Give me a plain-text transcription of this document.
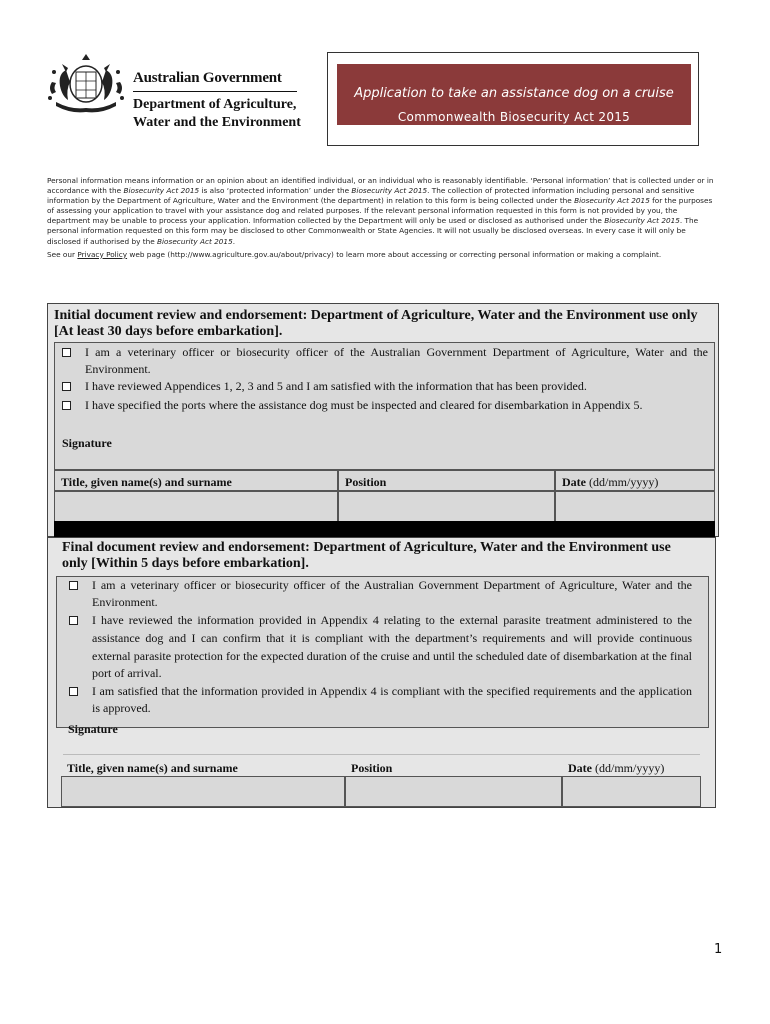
Australian Government
Department of Agriculture,
Water and the Environment
Application to take an assistance dog on a cruise
Commonwealth Biosecurity Act 2015

Personal information means information or an opinion about an identified individual, or an individual who is reasonably identifiable. ‘Personal information’ that is collected under or in accordance with the Biosecurity Act 2015 is also ‘protected information’ under the Biosecurity Act 2015. The collection of protected information including personal and sensitive information by the Department of Agriculture, Water and the Environment (the department) in relation to this form is being collected under the Biosecurity Act 2015 for the purposes of assessing your application to travel with your assistance dog and related purposes. If the relevant personal information requested in this form is not provided by you, the department may be unable to process your application. Information collected by the Department will only be used or disclosed as authorised under the Biosecurity Act 2015. The personal information requested on this form may be disclosed to other Commonwealth or State Agencies. It will not usually be disclosed overseas. In every case it will only be disclosed if authorised by the Biosecurity Act 2015.

See our Privacy Policy web page (http://www.agriculture.gov.au/about/privacy) to learn more about accessing or correcting personal information or making a complaint.

Initial document review and endorsement: Department of Agriculture, Water and the Environment use only [At least 30 days before embarkation].
I am a veterinary officer or biosecurity officer of the Australian Government Department of Agriculture, Water and the Environment.
I have reviewed Appendices 1, 2, 3 and 5 and I am satisfied with the information that has been provided.
I have specified the ports where the assistance dog must be inspected and cleared for disembarkation in Appendix 5.
Signature
Title, given name(s) and surname	Position	Date (dd/mm/yyyy)
Final document review and endorsement: Department of Agriculture, Water and the Environment use only [Within 5 days before embarkation].
I am a veterinary officer or biosecurity officer of the Australian Government Department of Agriculture, Water and the Environment.
I have reviewed the information provided in Appendix 4 relating to the external parasite treatment administered to the assistance dog and I can confirm that it is compliant with the department’s requirements and will provide continuous external parasite protection for the expected duration of the cruise and until the scheduled date of disembarkation at the final port of arrival.
I am satisfied that the information provided in Appendix 4 is compliant with the specified requirements and the application is approved.
Signature
Title, given name(s) and surname	Position	Date (dd/mm/yyyy)
1
